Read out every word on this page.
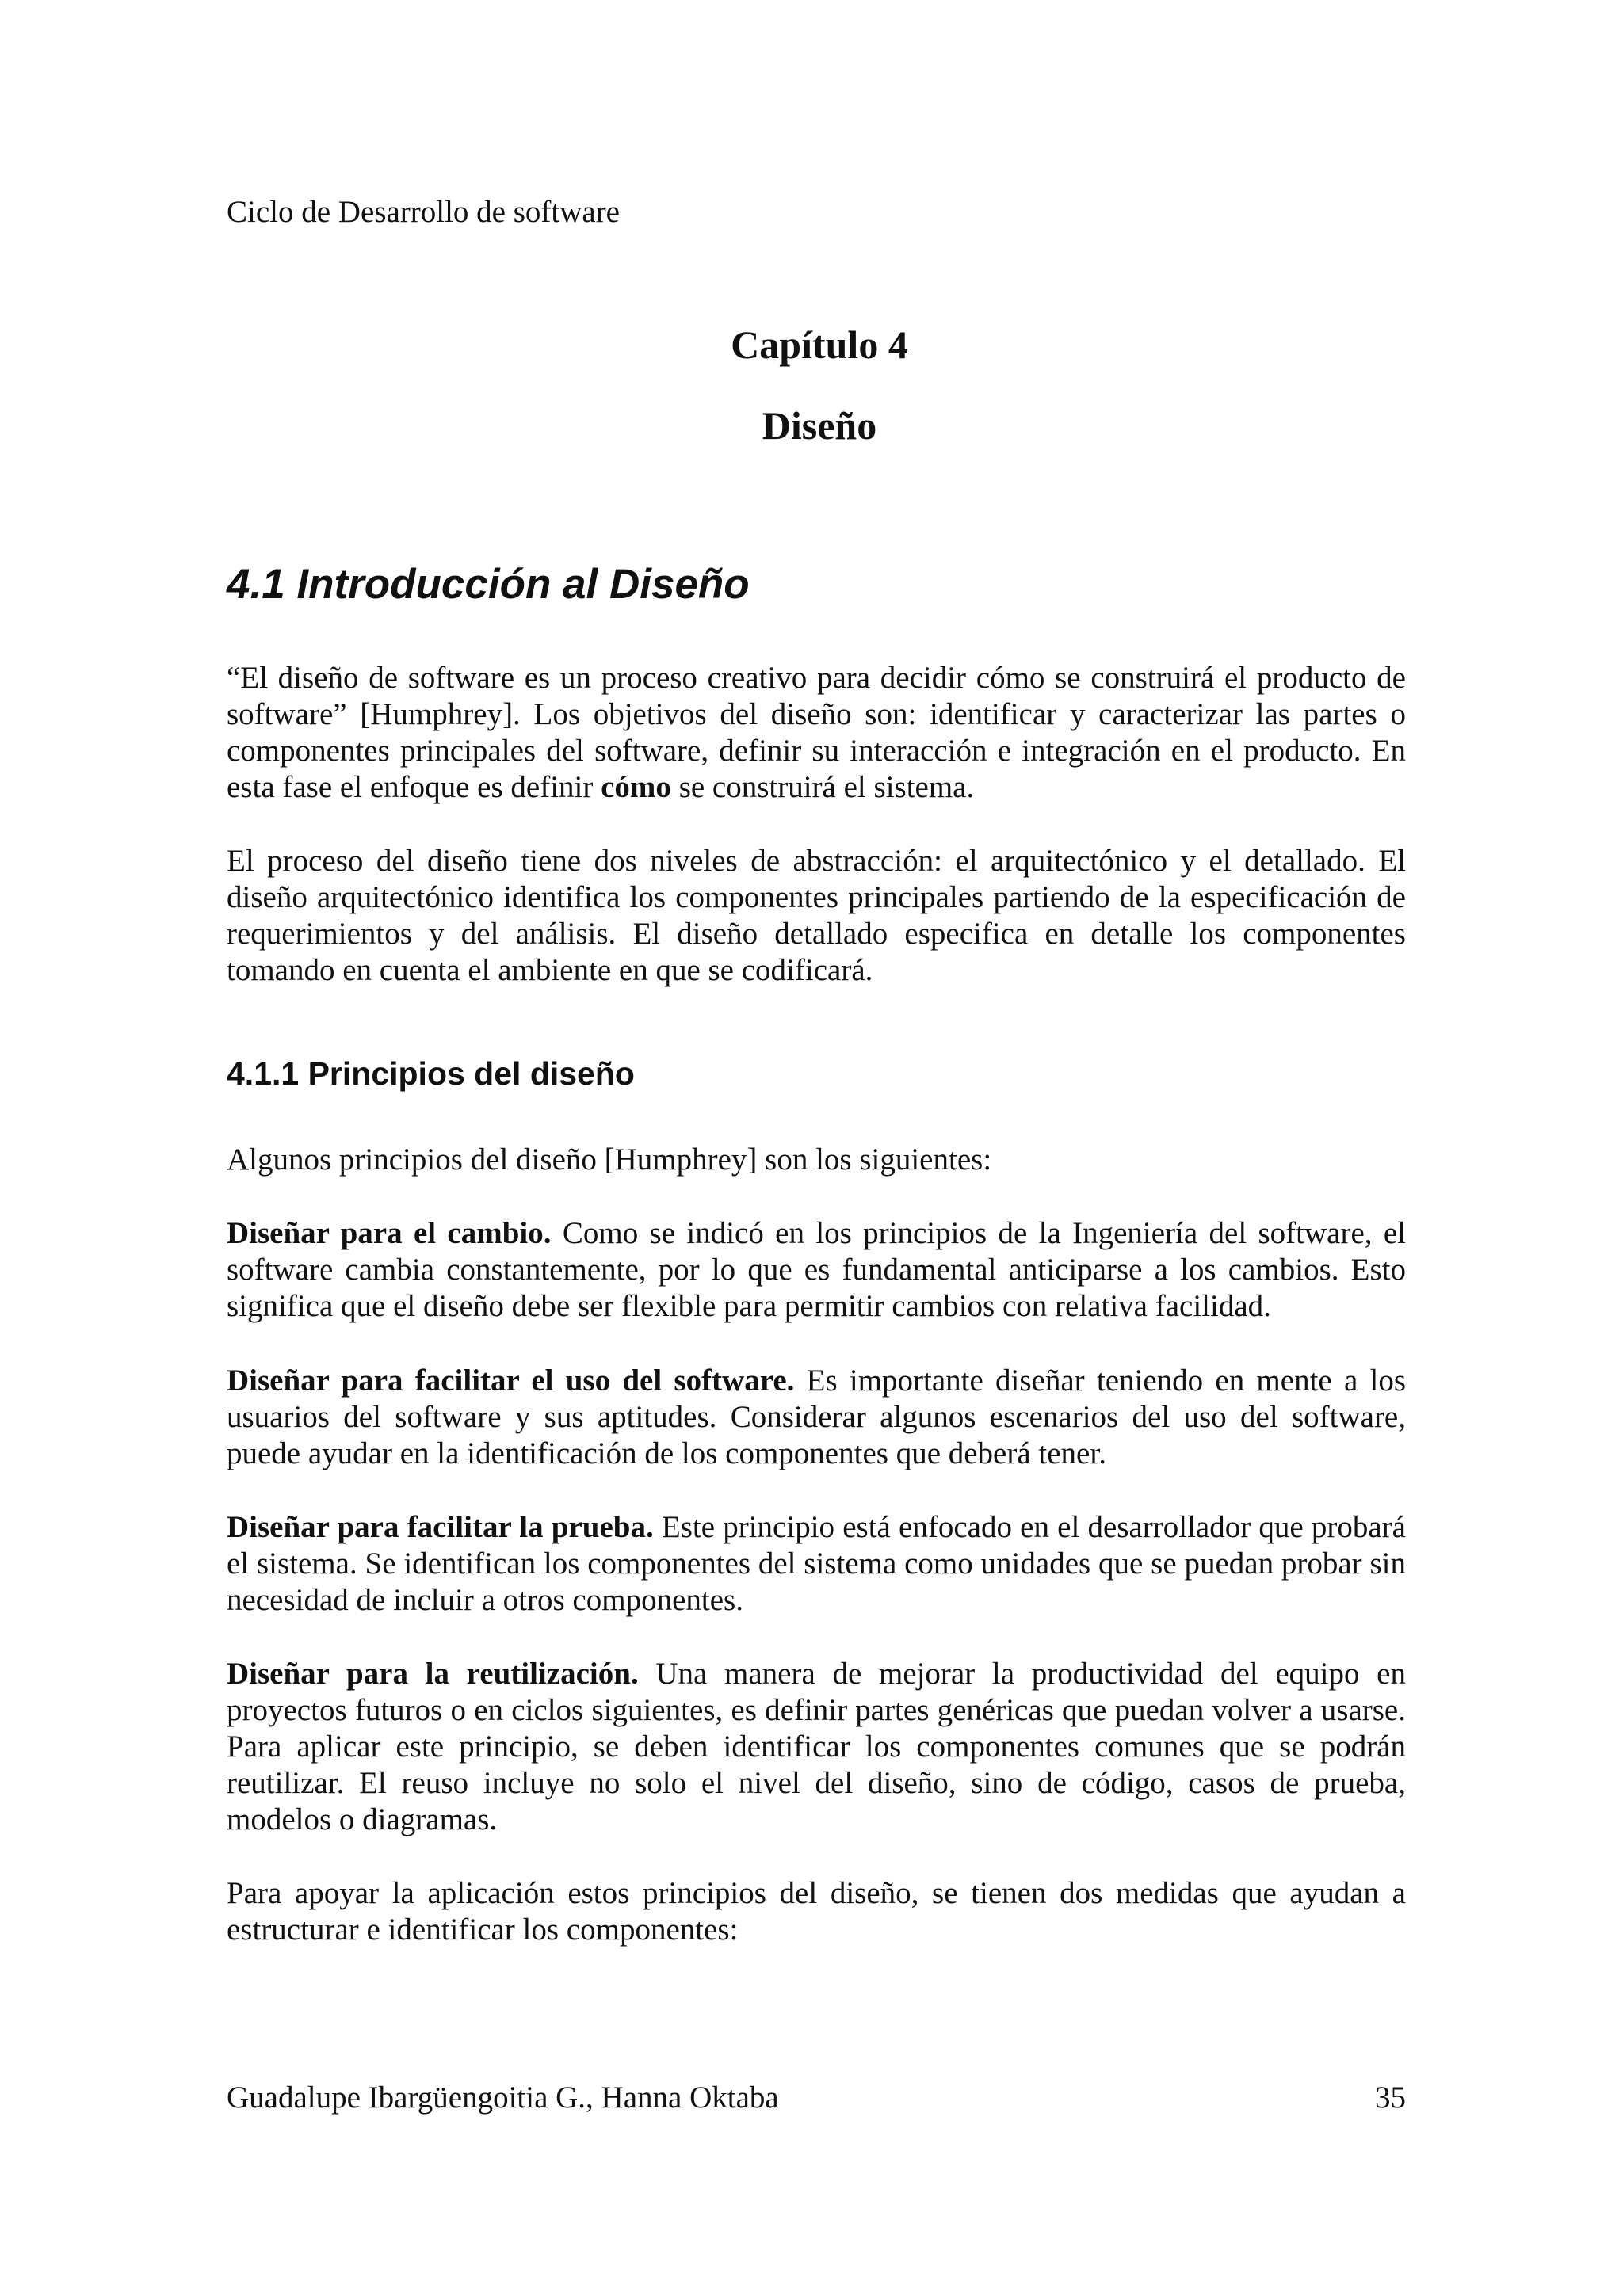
Ciclo de Desarrollo de software
Capítulo 4
Diseño
4.1 Introducción al Diseño

“El diseño de software es un proceso creativo para decidir cómo se construirá el producto de software” [Humphrey]. Los objetivos del diseño son: identificar y caracterizar las partes o componentes principales del software, definir su interacción e integración en el producto. En esta fase el enfoque es definir cómo se construirá el sistema.

El proceso del diseño tiene dos niveles de abstracción: el arquitectónico y el detallado. El diseño arquitectónico identifica los componentes principales partiendo de la especificación de requerimientos y del análisis. El diseño detallado especifica en detalle los componentes tomando en cuenta el ambiente en que se codificará.

4.1.1 Principios del diseño

Algunos principios del diseño [Humphrey] son los siguientes:

Diseñar para el cambio. Como se indicó en los principios de la Ingeniería del software, el software cambia constantemente, por lo que es fundamental anticiparse a los cambios. Esto significa que el diseño debe ser flexible para permitir cambios con relativa facilidad.

Diseñar para facilitar el uso del software. Es importante diseñar teniendo en mente a los usuarios del software y sus aptitudes. Considerar algunos escenarios del uso del software, puede ayudar en la identificación de los componentes que deberá tener.

Diseñar para facilitar la prueba. Este principio está enfocado en el desarrollador que probará el sistema. Se identifican los componentes del sistema como unidades que se puedan probar sin necesidad de incluir a otros componentes.

Diseñar para la reutilización. Una manera de mejorar la productividad del equipo en proyectos futuros o en ciclos siguientes, es definir partes genéricas que puedan volver a usarse. Para aplicar este principio, se deben identificar los componentes comunes que se podrán reutilizar. El reuso incluye no solo el nivel del diseño, sino de código, casos de prueba, modelos o diagramas.

Para apoyar la aplicación estos principios del diseño, se tienen dos medidas que ayudan a estructurar e identificar los componentes:

Guadalupe Ibargüengoitia G., Hanna Oktaba	35
